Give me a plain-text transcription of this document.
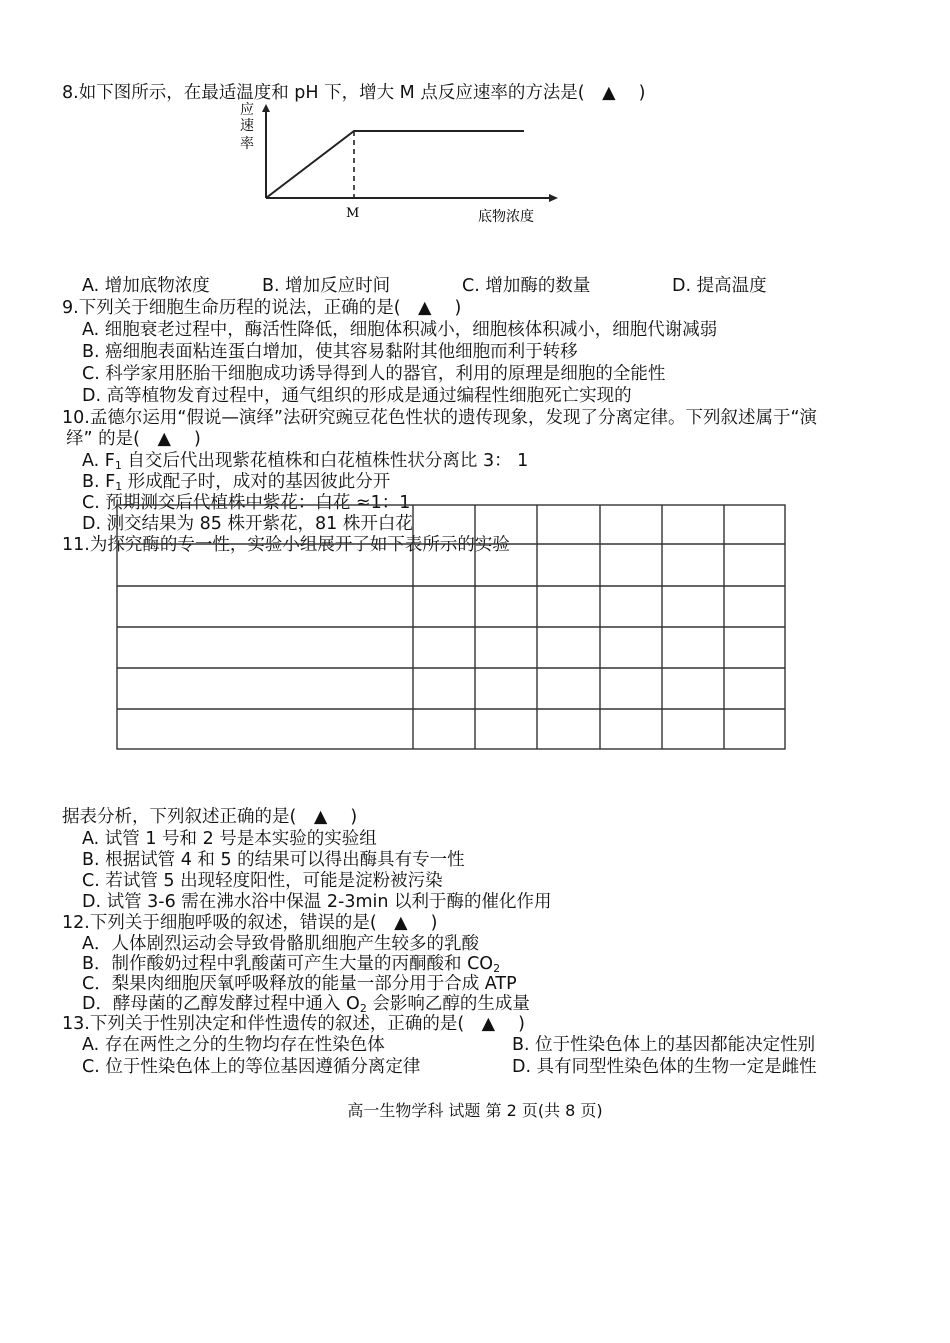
8.如下图所示，在最适温度和 pH 下，增大 M 点反应速率的方法是(　▲　 )
应
速
率
M	底物浓度
A. 增加底物浓度	B. 增加反应时间	C. 增加酶的数量	D. 提高温度
9.下列关于细胞生命历程的说法，正确的是(　▲　 )
A. 细胞衰老过程中，酶活性降低，细胞体积减小，细胞核体积减小，细胞代谢减弱
B. 癌细胞表面粘连蛋白增加，使其容易黏附其他细胞而利于转移
C. 科学家用胚胎干细胞成功诱导得到人的器官，利用的原理是细胞的全能性
D. 高等植物发育过程中，通气组织的形成是通过编程性细胞死亡实现的
10.孟德尔运用“假说—演绎”法研究豌豆花色性状的遗传现象，发现了分离定律。下列叙述属于“演
绎” 的是(　▲　 )
A. $F_1$ 自交后代出现紫花植株和白花植株性状分离比 3： 1
B. $F_1$ 形成配子时，成对的基因彼此分开
C. 预期测交后代植株中紫花：白花 ≈1：1
D. 测交结果为 85 株开紫花，81 株开白花
11.为探究酶的专一性，实验小组展开了如下表所示的实验
据表分析，下列叙述正确的是(　▲　 )
A. 试管 1 号和 2 号是本实验的实验组
B. 根据试管 4 和 5 的结果可以得出酶具有专一性
C. 若试管 5 出现轻度阳性，可能是淀粉被污染
D. 试管 3-6 需在沸水浴中保温 2-3min 以利于酶的催化作用
12.下列关于细胞呼吸的叙述，错误的是(　▲　 )
A．人体剧烈运动会导致骨骼肌细胞产生较多的乳酸
B．制作酸奶过程中乳酸菌可产生大量的丙酮酸和 $CO_2$
C．梨果肉细胞厌氧呼吸释放的能量一部分用于合成 ATP
D．酵母菌的乙醇发酵过程中通入 $O_2$ 会影响乙醇的生成量
13.下列关于性别决定和伴性遗传的叙述，正确的是(　▲　 )
A. 存在两性之分的生物均存在性染色体	B. 位于性染色体上的基因都能决定性别
C. 位于性染色体上的等位基因遵循分离定律	D. 具有同型性染色体的生物一定是雌性
高一生物学科 试题 第 2 页(共 8 页)
